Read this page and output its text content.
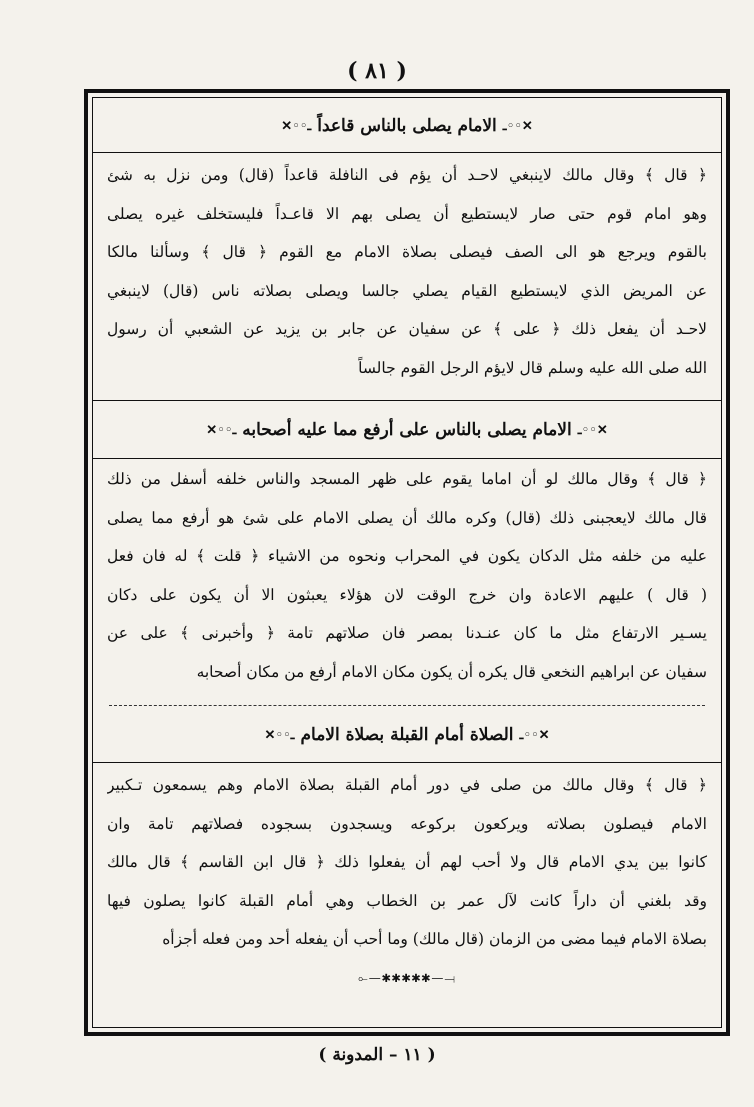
( ٨١ )
✕◦◦ـ الامام يصلى بالناس قاعداً ـ◦◦✕
﴿ قال ﴾ وقال مالك لاينبغي لاحـد أن يؤم فى النافلة قاعداً (قال) ومن نزل به شئ
وهو امام قوم حتى صار لايستطيع أن يصلى بهم الا قاعـداً فليستخلف غيره يصلى
بالقوم ويرجع هو الى الصف فيصلى بصلاة الامام مع القوم ﴿ قال ﴾ وسألنا مالكا
عن المريض الذي لايستطيع القيام يصلي جالسا ويصلى بصلاته ناس (قال) لاينبغي
لاحـد أن يفعل ذلك ﴿ على ﴾ عن سفيان عن جابر بن يزيد عن الشعبي أن رسول
الله صلى الله عليه وسلم قال لايؤم الرجل القوم جالساً
✕◦◦ـ الامام يصلى بالناس على أرفع مما عليه أصحابه ـ◦◦✕
﴿ قال ﴾ وقال مالك لو أن اماما يقوم على ظهر المسجد والناس خلفه أسفل من ذلك
قال مالك لايعجبنى ذلك (قال) وكره مالك أن يصلى الامام على شئ هو أرفع مما يصلى
عليه من خلفه مثل الدكان يكون في المحراب ونحوه من الاشياء ﴿ قلت ﴾ له فان فعل
( قال ) عليهم الاعادة وان خرج الوقت لان هؤلاء يعبثون الا أن يكون على دكان
يسـير الارتفاع مثل ما كان عنـدنا بمصر فان صلاتهم تامة ﴿ وأخبرنى ﴾ على عن
سفيان عن ابراهيم النخعي قال يكره أن يكون مكان الامام أرفع من مكان أصحابه
✕◦◦ـ الصلاة أمام القبلة بصلاة الامام ـ◦◦✕
﴿ قال ﴾ وقال مالك من صلى في دور أمام القبلة بصلاة الامام وهم يسمعون تـكبير
الامام فيصلون بصلاته ويركعون بركوعه ويسجدون بسجوده فصلاتهم تامة وان
كانوا بين يدي الامام قال ولا أحب لهم أن يفعلوا ذلك ﴿ قال ابن القاسم ﴾ قال مالك
وقد بلغني أن داراً كانت لآل عمر بن الخطاب وهي أمام القبلة كانوا يصلون فيها
بصلاة الامام فيما مضى من الزمان (قال مالك) وما أحب أن يفعله أحد ومن فعله أجزأه
⟜—✱✱✱✱✱—⟞
( ١١ – المدونة )
